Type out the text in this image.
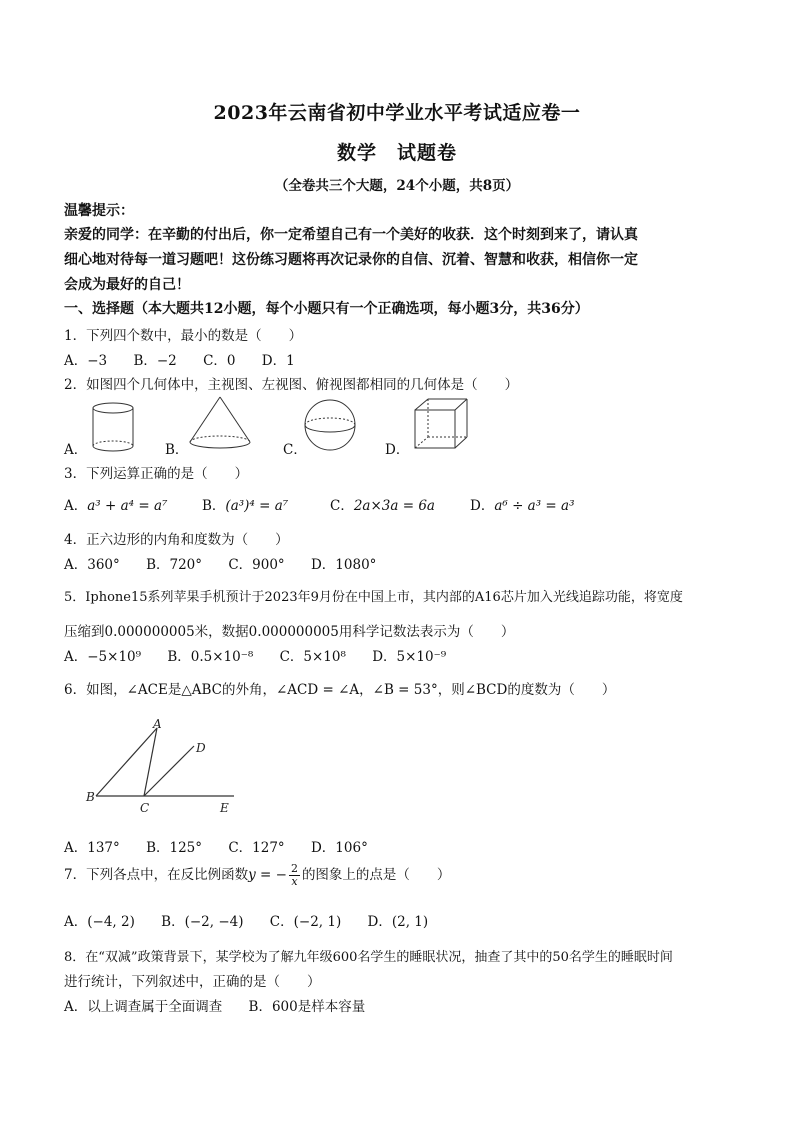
2023年云南省初中学业水平考试适应卷一
数学　试题卷
（全卷共三个大题，24个小题，共8页）
温馨提示：
亲爱的同学：在辛勤的付出后，你一定希望自己有一个美好的收获．这个时刻到来了，请认真
细心地对待每一道习题吧！这份练习题将再次记录你的自信、沉着、智慧和收获，相信你一定
会成为最好的自己！
一、选择题（本大题共12小题，每个小题只有一个正确选项，每小题3分，共36分）
1．下列四个数中，最小的数是（　　）
A．−3 B．−2 C．0 D．1
2．如图四个几何体中，主视图、左视图、俯视图都相同的几何体是（　　）
A．	B．	C．	D．
3．下列运算正确的是（　　）
A．a³ + a⁴ = a⁷	B．(a³)⁴ = a⁷	C．2a×3a = 6a	D．a⁶ ÷ a³ = a³
4．正六边形的内角和度数为（　　）
A．360° B．720° C．900° D．1080°
5．Iphone15系列苹果手机预计于2023年9月份在中国上市，其内部的A16芯片加入光线追踪功能，将宽度
压缩到0.000000005米，数据0.000000005用科学记数法表示为（　　）
A．−5×10⁹ B．0.5×10⁻⁸ C．5×10⁸ D．5×10⁻⁹
6．如图，∠ACE是△ABC的外角，∠ACD = ∠A，∠B = 53°，则∠BCD的度数为（　　）
A
B
C
D
E
A．137° B．125° C．127° D．106°
7．下列各点中，在反比例函数y = − $\frac{2}{x}$ 的图象上的点是（　　）
A．(−4, 2) B．(−2, −4) C．(−2, 1) D．(2, 1)
8．在“双减”政策背景下，某学校为了解九年级600名学生的睡眠状况，抽查了其中的50名学生的睡眠时间
进行统计，下列叙述中，正确的是（　　）
A．以上调查属于全面调查 B．600是样本容量
